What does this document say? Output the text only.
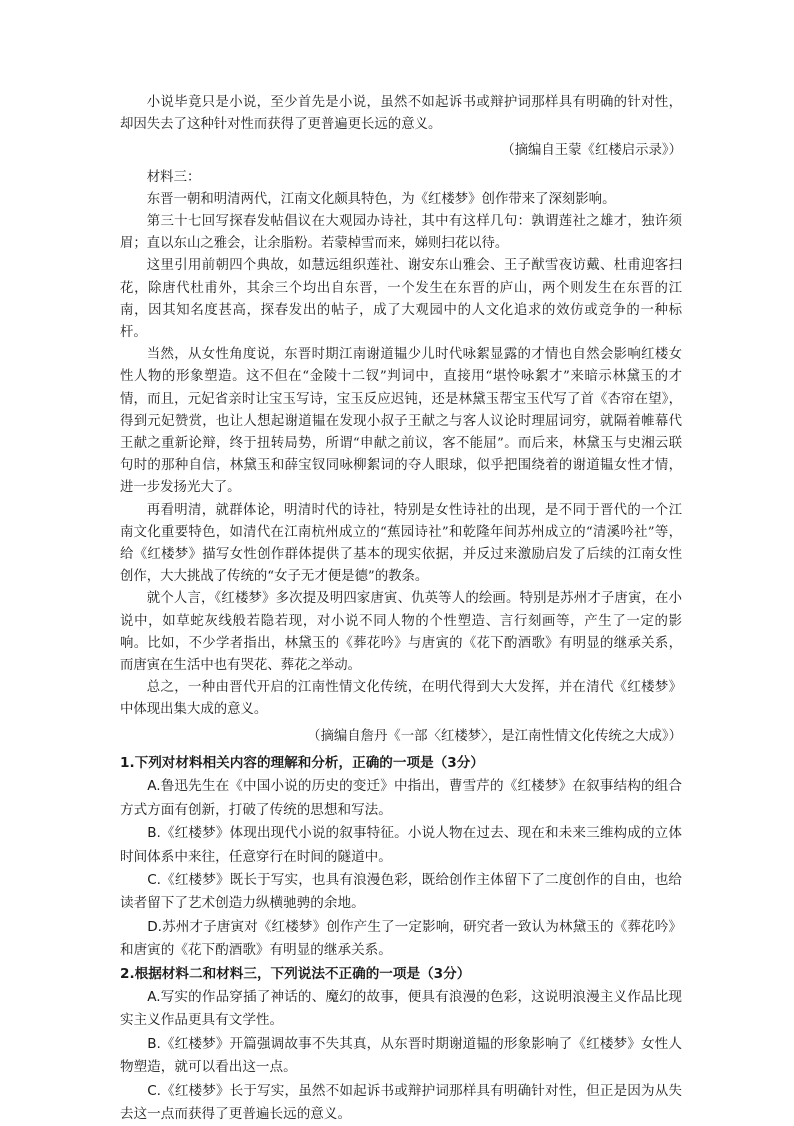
小说毕竟只是小说，至少首先是小说，虽然不如起诉书或辩护词那样具有明确的针对性，却因失去了这种针对性而获得了更普遍更长远的意义。

（摘编自王蒙《红楼启示录》）

材料三：

东晋一朝和明清两代，江南文化颇具特色，为《红楼梦》创作带来了深刻影响。

第三十七回写探春发帖倡议在大观园办诗社，其中有这样几句：孰谓莲社之雄才，独许须眉；直以东山之雅会，让余脂粉。若蒙棹雪而来，娣则扫花以待。

这里引用前朝四个典故，如慧远组织莲社、谢安东山雅会、王子猷雪夜访戴、杜甫迎客扫花，除唐代杜甫外，其余三个均出自东晋，一个发生在东晋的庐山，两个则发生在东晋的江南，因其知名度甚高，探春发出的帖子，成了大观园中的人文化追求的效仿或竞争的一种标杆。

当然，从女性角度说，东晋时期江南谢道韫少儿时代咏絮显露的才情也自然会影响红楼女性人物的形象塑造。这不但在“金陵十二钗”判词中，直接用“堪怜咏絮才”来暗示林黛玉的才情，而且，元妃省亲时让宝玉写诗，宝玉反应迟钝，还是林黛玉帮宝玉代写了首《杏帘在望》，得到元妃赞赏，也让人想起谢道韫在发现小叔子王献之与客人议论时理屈词穷，就隔着帷幕代王献之重新论辩，终于扭转局势，所谓“申献之前议，客不能屈”。而后来，林黛玉与史湘云联句时的那种自信，林黛玉和薛宝钗同咏柳絮词的夺人眼球，似乎把围绕着的谢道韫女性才情，进一步发扬光大了。

再看明清，就群体论，明清时代的诗社，特别是女性诗社的出现，是不同于晋代的一个江南文化重要特色，如清代在江南杭州成立的“蕉园诗社”和乾隆年间苏州成立的“清溪吟社”等，给《红楼梦》描写女性创作群体提供了基本的现实依据，并反过来激励启发了后续的江南女性创作，大大挑战了传统的“女子无才便是德”的教条。

就个人言，《红楼梦》多次提及明四家唐寅、仇英等人的绘画。特别是苏州才子唐寅，在小说中，如草蛇灰线般若隐若现，对小说不同人物的个性塑造、言行刻画等，产生了一定的影响。比如，不少学者指出，林黛玉的《葬花吟》与唐寅的《花下酌酒歌》有明显的继承关系，而唐寅在生活中也有哭花、葬花之举动。

总之，一种由晋代开启的江南性情文化传统，在明代得到大大发挥，并在清代《红楼梦》中体现出集大成的意义。

（摘编自詹丹《一部〈红楼梦〉，是江南性情文化传统之大成》）

1.下列对材料相关内容的理解和分析，正确的一项是（3分）

A.鲁迅先生在《中国小说的历史的变迁》中指出，曹雪芹的《红楼梦》在叙事结构的组合方式方面有创新，打破了传统的思想和写法。

B.《红楼梦》体现出现代小说的叙事特征。小说人物在过去、现在和未来三维构成的立体时间体系中来往，任意穿行在时间的隧道中。

C.《红楼梦》既长于写实，也具有浪漫色彩，既给创作主体留下了二度创作的自由，也给读者留下了艺术创造力纵横驰骋的余地。

D.苏州才子唐寅对《红楼梦》创作产生了一定影响，研究者一致认为林黛玉的《葬花吟》和唐寅的《花下酌酒歌》有明显的继承关系。

2.根据材料二和材料三，下列说法不正确的一项是（3分）

A.写实的作品穿插了神话的、魔幻的故事，便具有浪漫的色彩，这说明浪漫主义作品比现实主义作品更具有文学性。

B.《红楼梦》开篇强调故事不失其真，从东晋时期谢道韫的形象影响了《红楼梦》女性人物塑造，就可以看出这一点。

C.《红楼梦》长于写实，虽然不如起诉书或辩护词那样具有明确针对性，但正是因为从失去这一点而获得了更普遍长远的意义。
